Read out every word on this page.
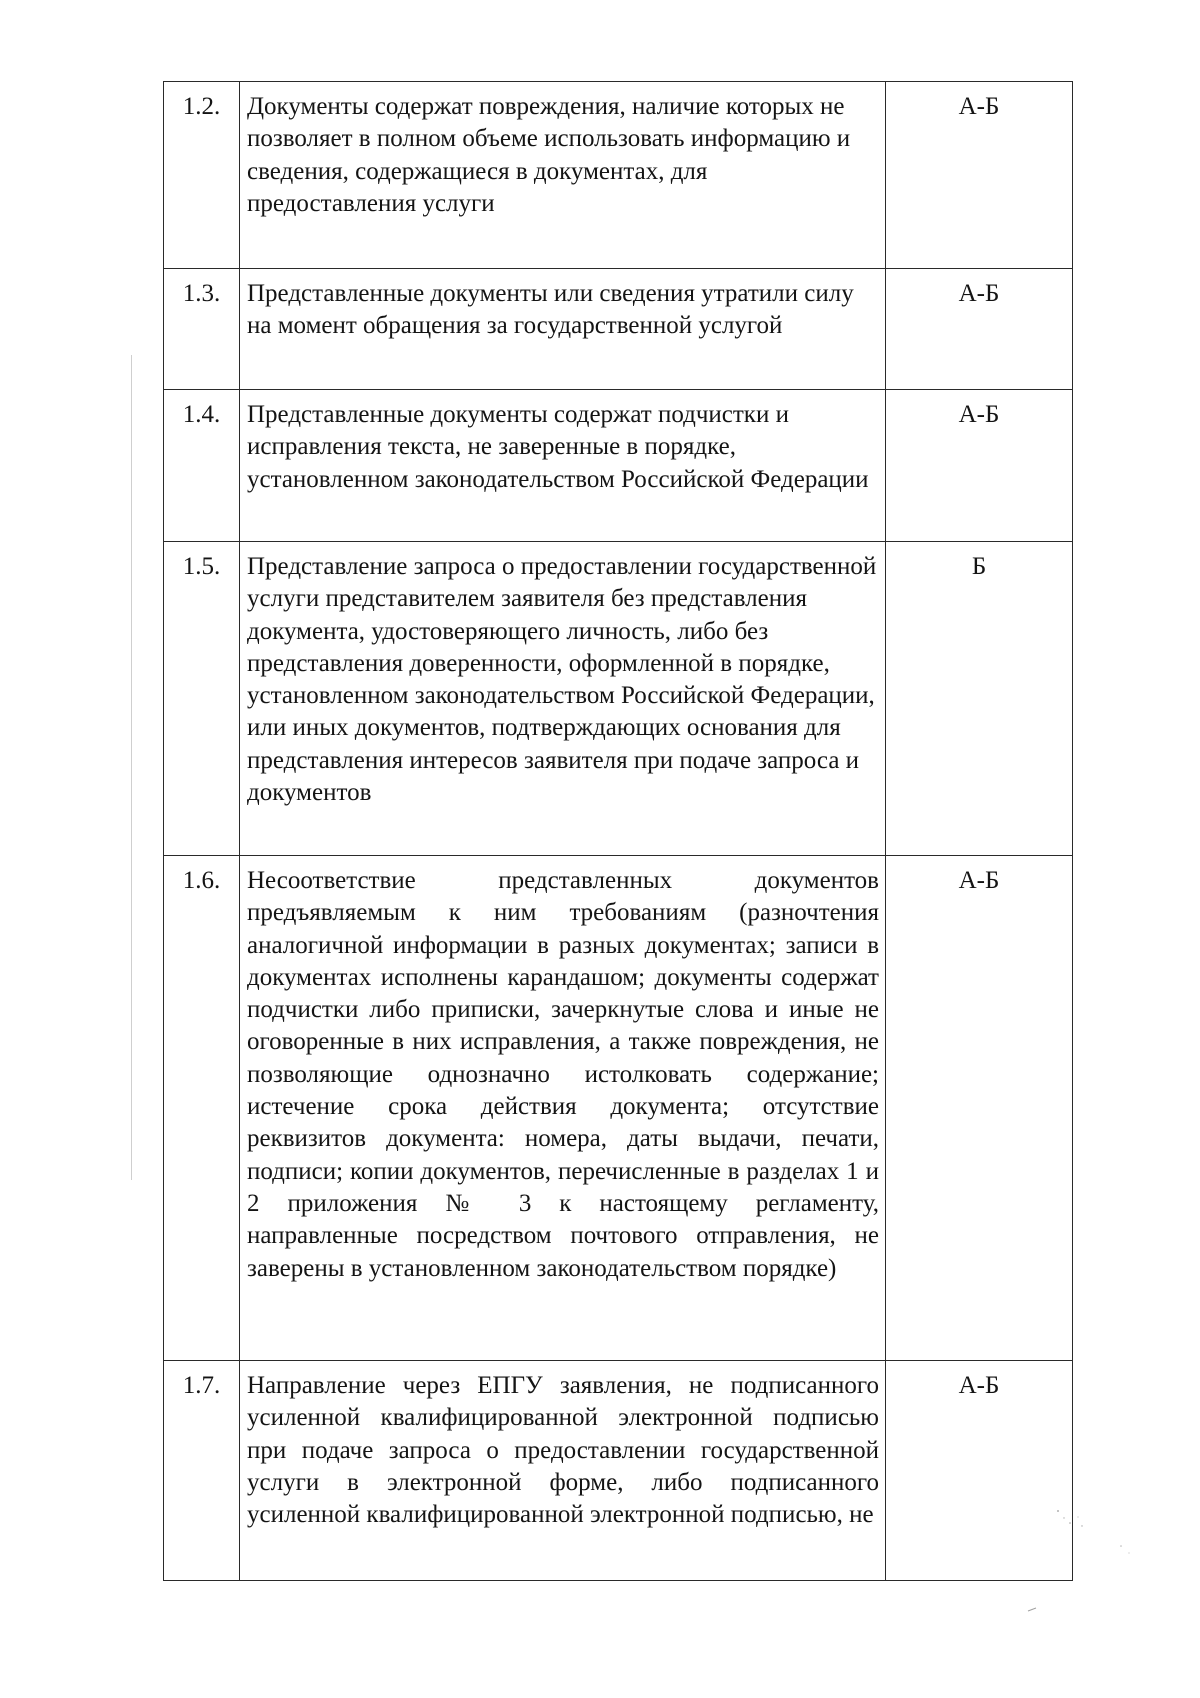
1.2.	Документы содержат повреждения, наличие которых не позволяет в полном объеме использовать информацию и сведения, содержащиеся в документах, для предоставления услуги	А-Б
1.3.	Представленные документы или сведения утратили силу на момент обращения за государственной услугой	А-Б
1.4.	Представленные документы содержат подчистки и исправления текста, не заверенные в порядке, установленном законодательством Российской Федерации	А-Б
1.5.	Представление запроса о предоставлении государственной услуги представителем заявителя без представления документа, удостоверяющего личность, либо без представления доверенности, оформленной в порядке, установленном законодательством Российской Федерации, или иных документов, подтверждающих основания для представления интересов заявителя при подаче запроса и документов	Б
1.6.	Несоответствие представленных документов предъявляемым к ним требованиям (разночтения аналогичной информации в разных документах; записи в документах исполнены карандашом; документы содержат подчистки либо приписки, зачеркнутые слова и иные не оговоренные в них исправления, а также повреждения, не позволяющие однозначно истолковать содержание; истечение срока действия документа; отсутствие реквизитов документа: номера, даты выдачи, печати, подписи; копии документов, перечисленные в разделах 1 и 2 приложения № 3 к настоящему регламенту, направленные посредством почтового отправления, не заверены в установленном законодательством порядке)	А-Б
1.7.	Направление через ЕПГУ заявления, не подписанного усиленной квалифицированной электронной подписью при подаче запроса о предоставлении государственной услуги в электронной форме, либо подписанного усиленной квалифицированной электронной подписью, не	А-Б
